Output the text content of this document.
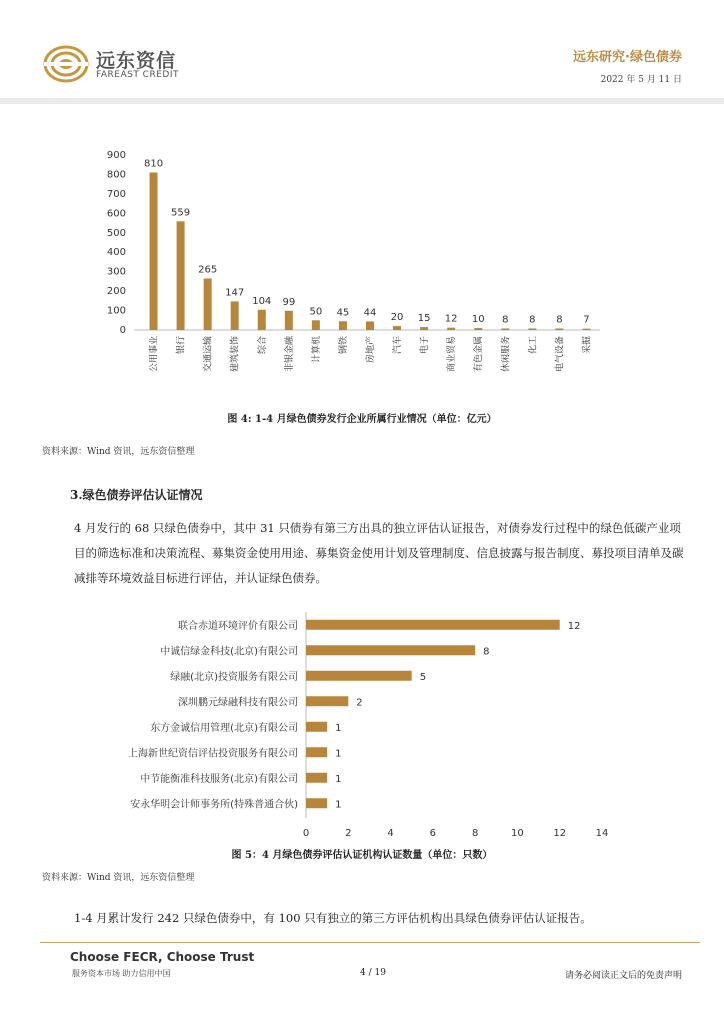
远东资信
FAREAST CREDIT
远东研究·绿色债券
2022 年 5 月 11 日
0
100
200
300
400
500
600
700
800
900
810
公用事业
559
银行
265
交通运输
147
建筑装饰
104
综合
99
非银金融
50
计算机
45
钢铁
44
房地产
20
汽车
15
电子
12
商业贸易
10
有色金属
8
休闲服务
8
化工
8
电气设备
7
采掘
图 4: 1-4 月绿色债券发行企业所属行业情况（单位：亿元）
资料来源：Wind 资讯，远东资信整理
3.绿色债券评估认证情况
4 月发行的 68 只绿色债券中，其中 31 只债券有第三方出具的独立评估认证报告，对债券发行过程中的绿色低碳产业项目的筛选标准和决策流程、募集资金使用用途、募集资金使用计划及管理制度、信息披露与报告制度、募投项目清单及碳减排等环境效益目标进行评估，并认证绿色债券。
0	2	4	6	8	10	12	14
12
联合赤道环境评价有限公司
8
中诚信绿金科技(北京)有限公司
5
绿融(北京)投资服务有限公司
2
深圳鹏元绿融科技有限公司
1
东方金诚信用管理(北京)有限公司
1
上海新世纪资信评估投资服务有限公司
1
中节能衡准科技服务(北京)有限公司
1
安永华明会计师事务所(特殊普通合伙)
图 5：4 月绿色债券评估认证机构认证数量（单位：只数）
资料来源：Wind 资讯，远东资信整理
1-4 月累计发行 242 只绿色债券中，有 100 只有独立的第三方评估机构出具绿色债券评估认证报告。
Choose FECR, Choose Trust
服务资本市场 助力信用中国	4 / 19	请务必阅读正文后的免责声明
